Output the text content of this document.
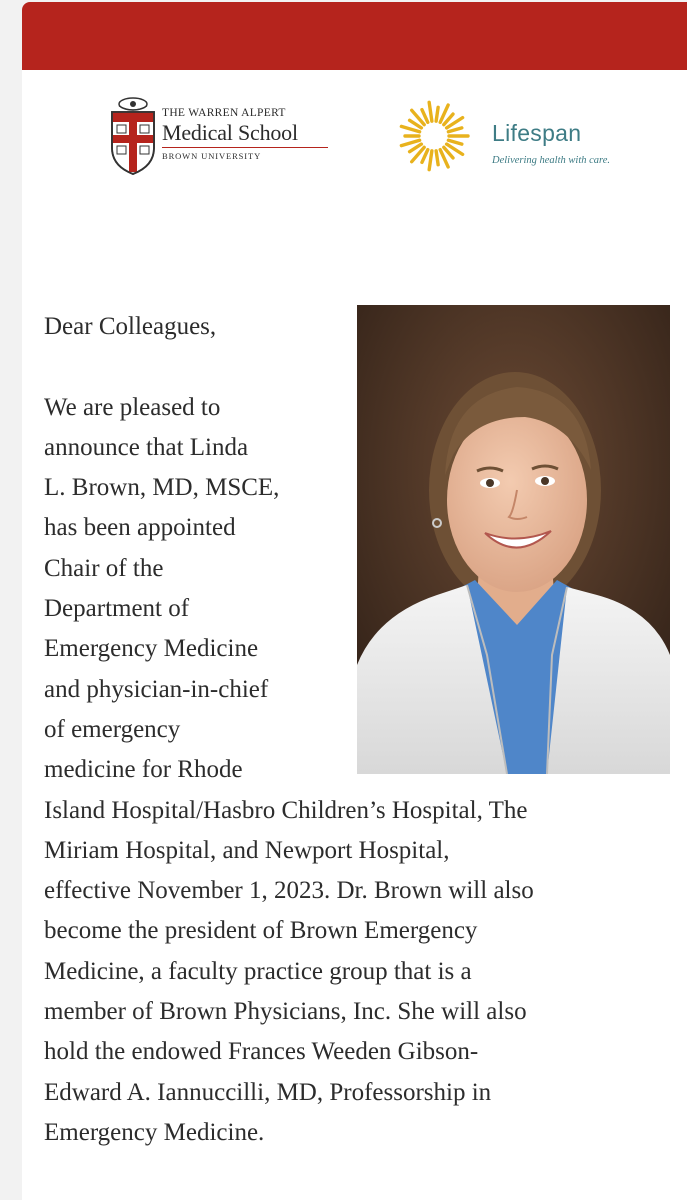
THE WARREN ALPERT
Medical School
BROWN UNIVERSITY
Lifespan
Delivering health with care.
Dear Colleagues,
We are pleased to
announce that Linda
L. Brown, MD, MSCE,
has been appointed
Chair of the
Department of
Emergency Medicine
and physician-in-chief
of emergency
medicine for Rhode
Island Hospital/Hasbro Children’s Hospital, The
Miriam Hospital, and Newport Hospital,
effective November 1, 2023. Dr. Brown will also
become the president of Brown Emergency
Medicine, a faculty practice group that is a
member of Brown Physicians, Inc. She will also
hold the endowed Frances Weeden Gibson-
Edward A. Iannuccilli, MD, Professorship in
Emergency Medicine.
